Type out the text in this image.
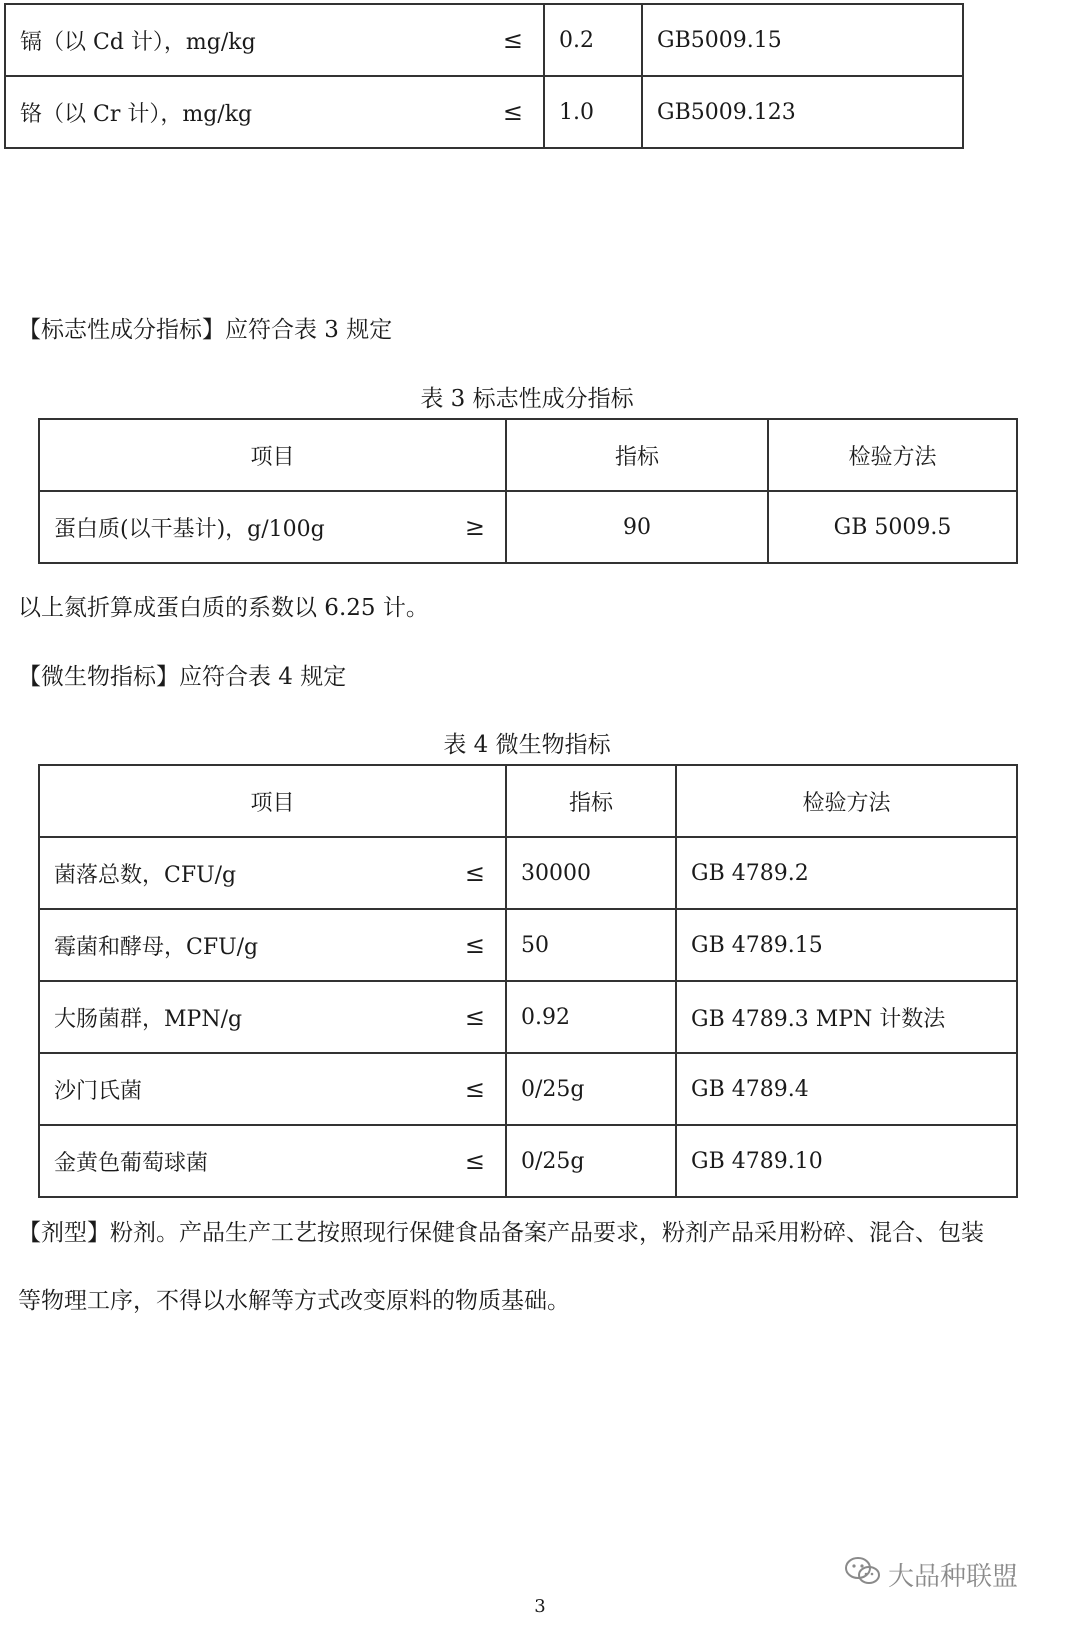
镉（以 Cd 计），mg/kg ≤	0.2	GB5009.15
铬（以 Cr 计），mg/kg ≤	1.0	GB5009.123
【标志性成分指标】应符合表 3 规定
表 3 标志性成分指标
项目	指标	检验方法
蛋白质(以干基计)，g/100g ≥	90	GB 5009.5
以上氮折算成蛋白质的系数以 6.25 计。
【微生物指标】应符合表 4 规定
表 4 微生物指标
项目	指标	检验方法
菌落总数，CFU/g ≤	30000	GB 4789.2
霉菌和酵母，CFU/g ≤	50	GB 4789.15
大肠菌群，MPN/g ≤	0.92	GB 4789.3 MPN 计数法
沙门氏菌 ≤	0/25g	GB 4789.4
金黄色葡萄球菌 ≤	0/25g	GB 4789.10
【剂型】粉剂。产品生产工艺按照现行保健食品备案产品要求，粉剂产品采用粉碎、混合、包装
等物理工序，不得以水解等方式改变原料的物质基础。
大品种联盟
3
